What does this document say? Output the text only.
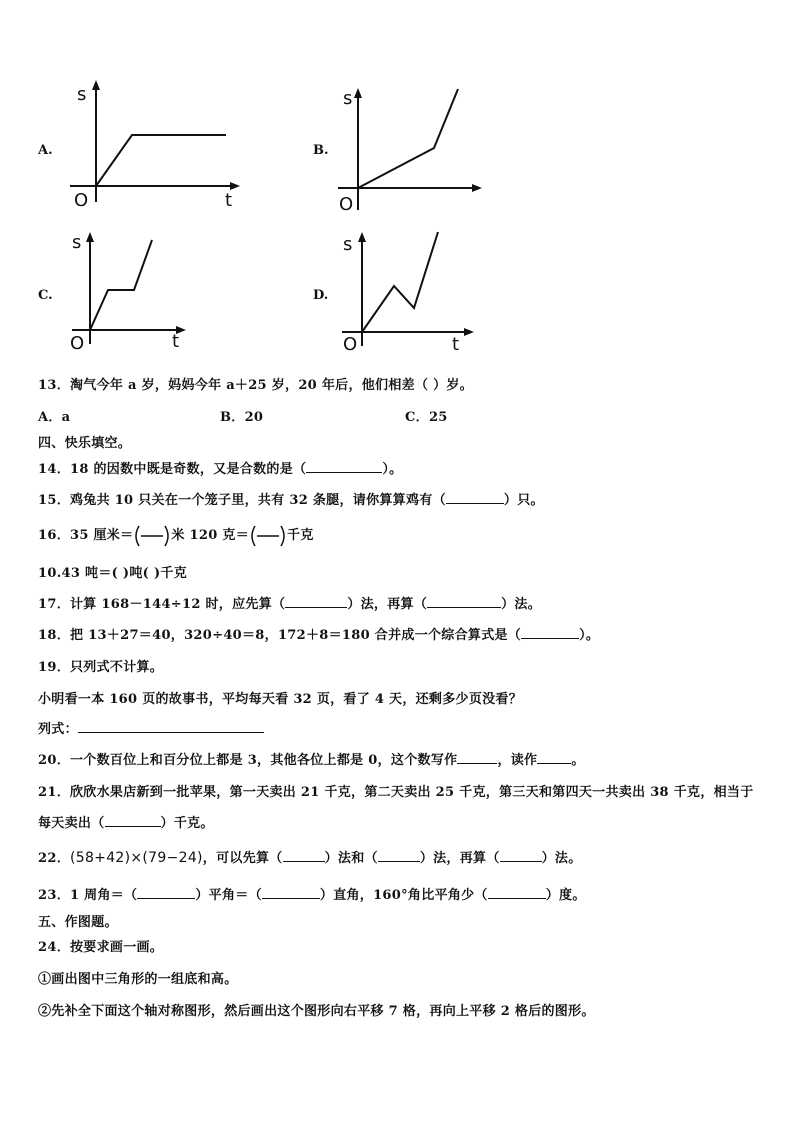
A.
s
O	t
B.
s
O
C.
s
O	t
D.
s
O	t
13．淘气今年 a 岁，妈妈今年 a＋25 岁，20 年后，他们相差（ ）岁。
A．a	B．20	C．25
四、快乐填空。
14．18 的因数中既是奇数，又是合数的是（	）。
15．鸡兔共 10 只关在一个笼子里，共有 32 条腿，请你算算鸡有（	）只。
16．35 厘米＝	米 120 克＝	千克
10.43 吨＝( )吨( )千克
17．计算 168－144÷12 时，应先算（	）法，再算（	）法。
18．把 13＋27＝40，320÷40＝8，172＋8＝180 合并成一个综合算式是（	）。
19．只列式不计算。
小明看一本 160 页的故事书，平均每天看 32 页，看了 4 天，还剩多少页没看？
列式：
20．一个数百位上和百分位上都是 3，其他各位上都是 0，这个数写作	，读作	。
21．欣欣水果店新到一批苹果，第一天卖出 21 千克，第二天卖出 25 千克，第三天和第四天一共卖出 38 千克，相当于
每天卖出（	）千克。
22．(58+42)×(79−24)，可以先算（	）法和（	）法，再算（	）法。
23．1 周角＝（	）平角＝（	）直角，160°角比平角少（	）度。
五、作图题。
24．按要求画一画。
①画出图中三角形的一组底和高。
②先补全下面这个轴对称图形，然后画出这个图形向右平移 7 格，再向上平移 2 格后的图形。
